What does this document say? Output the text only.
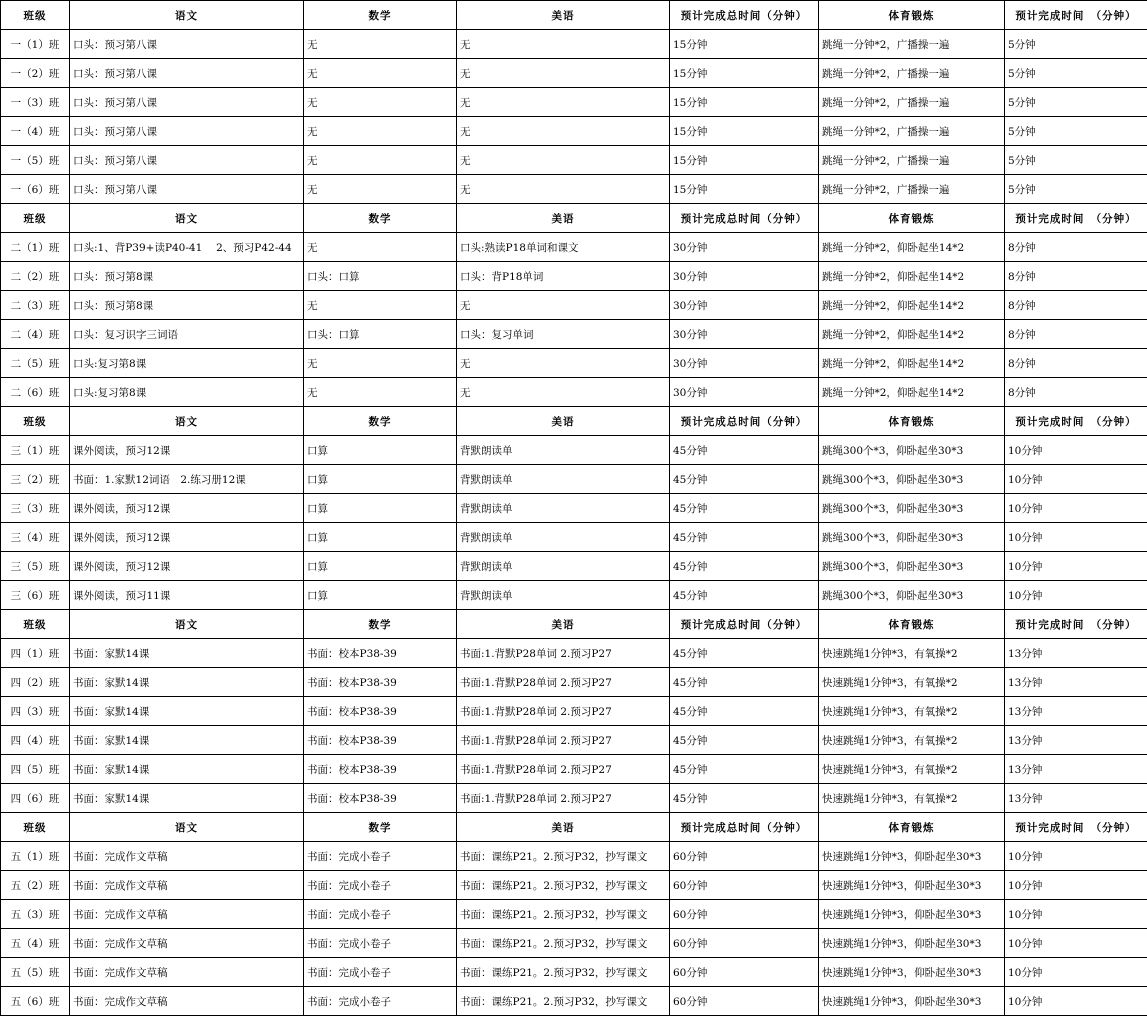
班级	语文	数学	美语	预计完成总时间（分钟）	体育锻炼	预计完成时间　（分钟）
一（1）班	口头：预习第八课	无	无	15分钟	跳绳一分钟*2，广播操一遍	5分钟
一（2）班	口头：预习第八课	无	无	15分钟	跳绳一分钟*2，广播操一遍	5分钟
一（3）班	口头：预习第八课	无	无	15分钟	跳绳一分钟*2，广播操一遍	5分钟
一（4）班	口头：预习第八课	无	无	15分钟	跳绳一分钟*2，广播操一遍	5分钟
一（5）班	口头：预习第八课	无	无	15分钟	跳绳一分钟*2，广播操一遍	5分钟
一（6）班	口头：预习第八课	无	无	15分钟	跳绳一分钟*2，广播操一遍	5分钟
班级	语文	数学	美语	预计完成总时间（分钟）	体育锻炼	预计完成时间　（分钟）
二（1）班	口头:1、背P39+读P40-41　 2、预习P42-44	无	口头:熟读P18单词和课文	30分钟	跳绳一分钟*2，仰卧起坐14*2	8分钟
二（2）班	口头：预习第8课	口头：口算	口头：背P18单词	30分钟	跳绳一分钟*2，仰卧起坐14*2	8分钟
二（3）班	口头：预习第8课	无	无	30分钟	跳绳一分钟*2，仰卧起坐14*2	8分钟
二（4）班	口头：复习识字三词语	口头：口算	口头：复习单词	30分钟	跳绳一分钟*2，仰卧起坐14*2	8分钟
二（5）班	口头:复习第8课	无	无	30分钟	跳绳一分钟*2，仰卧起坐14*2	8分钟
二（6）班	口头:复习第8课	无	无	30分钟	跳绳一分钟*2，仰卧起坐14*2	8分钟
班级	语文	数学	美语	预计完成总时间（分钟）	体育锻炼	预计完成时间　（分钟）
三（1）班	课外阅读，预习12课	口算	背默朗读单	45分钟	跳绳300个*3，仰卧起坐30*3	10分钟
三（2）班	书面：1.家默12词语　2.练习册12课	口算	背默朗读单	45分钟	跳绳300个*3，仰卧起坐30*3	10分钟
三（3）班	课外阅读，预习12课	口算	背默朗读单	45分钟	跳绳300个*3，仰卧起坐30*3	10分钟
三（4）班	课外阅读，预习12课	口算	背默朗读单	45分钟	跳绳300个*3，仰卧起坐30*3	10分钟
三（5）班	课外阅读，预习12课	口算	背默朗读单	45分钟	跳绳300个*3，仰卧起坐30*3	10分钟
三（6）班	课外阅读，预习11课	口算	背默朗读单	45分钟	跳绳300个*3，仰卧起坐30*3	10分钟
班级	语文	数学	美语	预计完成总时间（分钟）	体育锻炼	预计完成时间　（分钟）
四（1）班	书面：家默14课	书面：校本P38-39	书面:1.背默P28单词 2.预习P27	45分钟	快速跳绳1分钟*3，有氧操*2	13分钟
四（2）班	书面：家默14课	书面：校本P38-39	书面:1.背默P28单词 2.预习P27	45分钟	快速跳绳1分钟*3，有氧操*2	13分钟
四（3）班	书面：家默14课	书面：校本P38-39	书面:1.背默P28单词 2.预习P27	45分钟	快速跳绳1分钟*3，有氧操*2	13分钟
四（4）班	书面：家默14课	书面：校本P38-39	书面:1.背默P28单词 2.预习P27	45分钟	快速跳绳1分钟*3，有氧操*2	13分钟
四（5）班	书面：家默14课	书面：校本P38-39	书面:1.背默P28单词 2.预习P27	45分钟	快速跳绳1分钟*3，有氧操*2	13分钟
四（6）班	书面：家默14课	书面：校本P38-39	书面:1.背默P28单词 2.预习P27	45分钟	快速跳绳1分钟*3，有氧操*2	13分钟
班级	语文	数学	美语	预计完成总时间（分钟）	体育锻炼	预计完成时间　（分钟）
五（1）班	书面：完成作文草稿	书面：完成小卷子	书面：课练P21。2.预习P32，抄写课文	60分钟	快速跳绳1分钟*3，仰卧起坐30*3	10分钟
五（2）班	书面：完成作文草稿	书面：完成小卷子	书面：课练P21。2.预习P32，抄写课文	60分钟	快速跳绳1分钟*3，仰卧起坐30*3	10分钟
五（3）班	书面：完成作文草稿	书面：完成小卷子	书面：课练P21。2.预习P32，抄写课文	60分钟	快速跳绳1分钟*3，仰卧起坐30*3	10分钟
五（4）班	书面：完成作文草稿	书面：完成小卷子	书面：课练P21。2.预习P32，抄写课文	60分钟	快速跳绳1分钟*3，仰卧起坐30*3	10分钟
五（5）班	书面：完成作文草稿	书面：完成小卷子	书面：课练P21。2.预习P32，抄写课文	60分钟	快速跳绳1分钟*3，仰卧起坐30*3	10分钟
五（6）班	书面：完成作文草稿	书面：完成小卷子	书面：课练P21。2.预习P32，抄写课文	60分钟	快速跳绳1分钟*3，仰卧起坐30*3	10分钟
